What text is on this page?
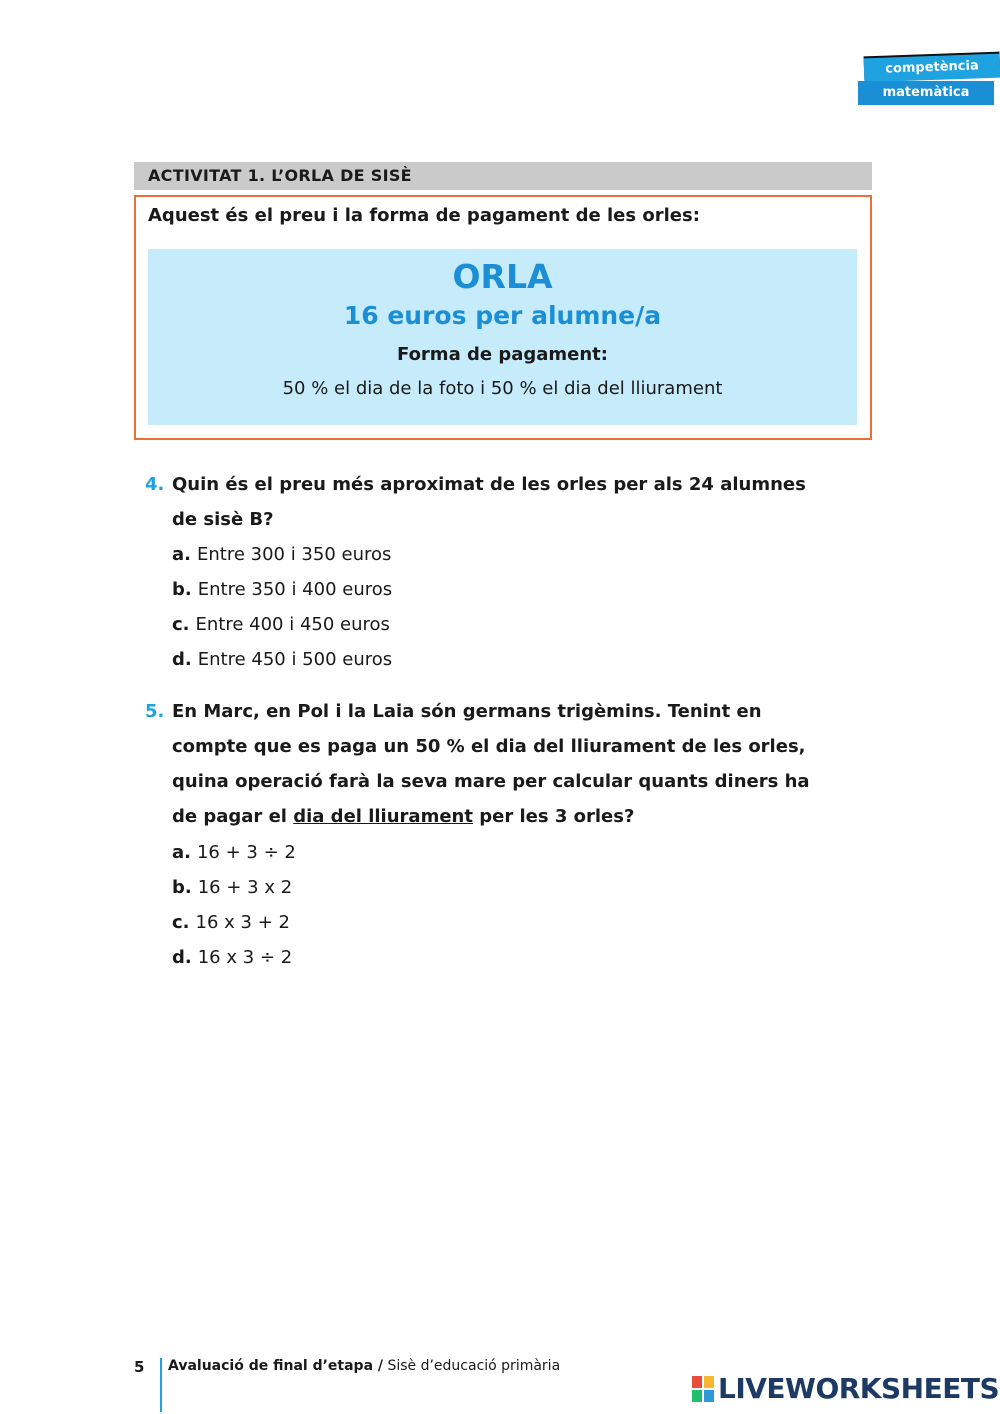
competència
matemàtica
ACTIVITAT 1. L’ORLA DE SISÈ
Aquest és el preu i la forma de pagament de les orles:
ORLA
16 euros per alumne/a
Forma de pagament:
50 % el dia de la foto i 50 % el dia del lliurament
4. Quin és el preu més aproximat de les orles per als 24 alumnes
de sisè B?
a. Entre 300 i 350 euros
b. Entre 350 i 400 euros
c. Entre 400 i 450 euros
d. Entre 450 i 500 euros
5. En Marc, en Pol i la Laia són germans trigèmins. Tenint en
compte que es paga un 50 % el dia del lliurament de les orles,
quina operació farà la seva mare per calcular quants diners ha
de pagar el dia del lliurament per les 3 orles?
a. 16 + 3 ÷ 2
b. 16 + 3 x 2
c. 16 x 3 + 2
d. 16 x 3 ÷ 2
5 Avaluació de final d’etapa / Sisè d’educació primària
LIVEWORKSHEETS
